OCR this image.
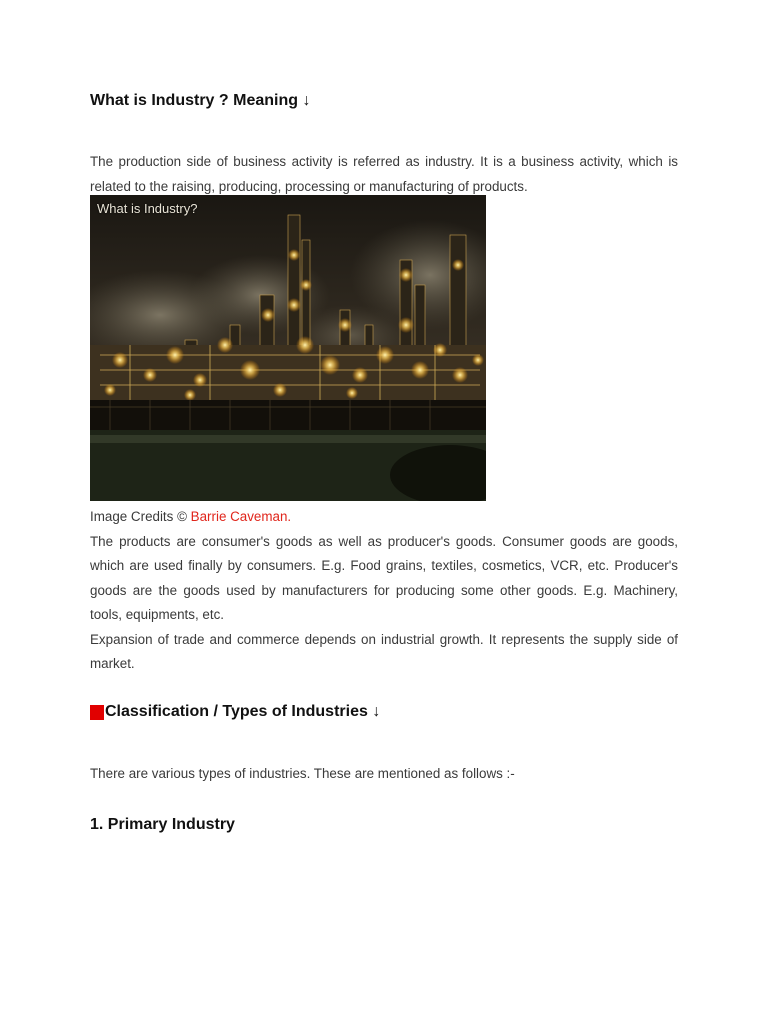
What is Industry ? Meaning ↓

The production side of business activity is referred as industry. It is a business activity, which is related to the raising, producing, processing or manufacturing of products.

What is Industry?

Image Credits © Barrie Caveman.

The products are consumer's goods as well as producer's goods. Consumer goods are goods, which are used finally by consumers. E.g. Food grains, textiles, cosmetics, VCR, etc. Producer's goods are the goods used by manufacturers for producing some other goods. E.g. Machinery, tools, equipments, etc.

Expansion of trade and commerce depends on industrial growth. It represents the supply side of market.

Classification / Types of Industries ↓

There are various types of industries. These are mentioned as follows :-

1. Primary Industry
